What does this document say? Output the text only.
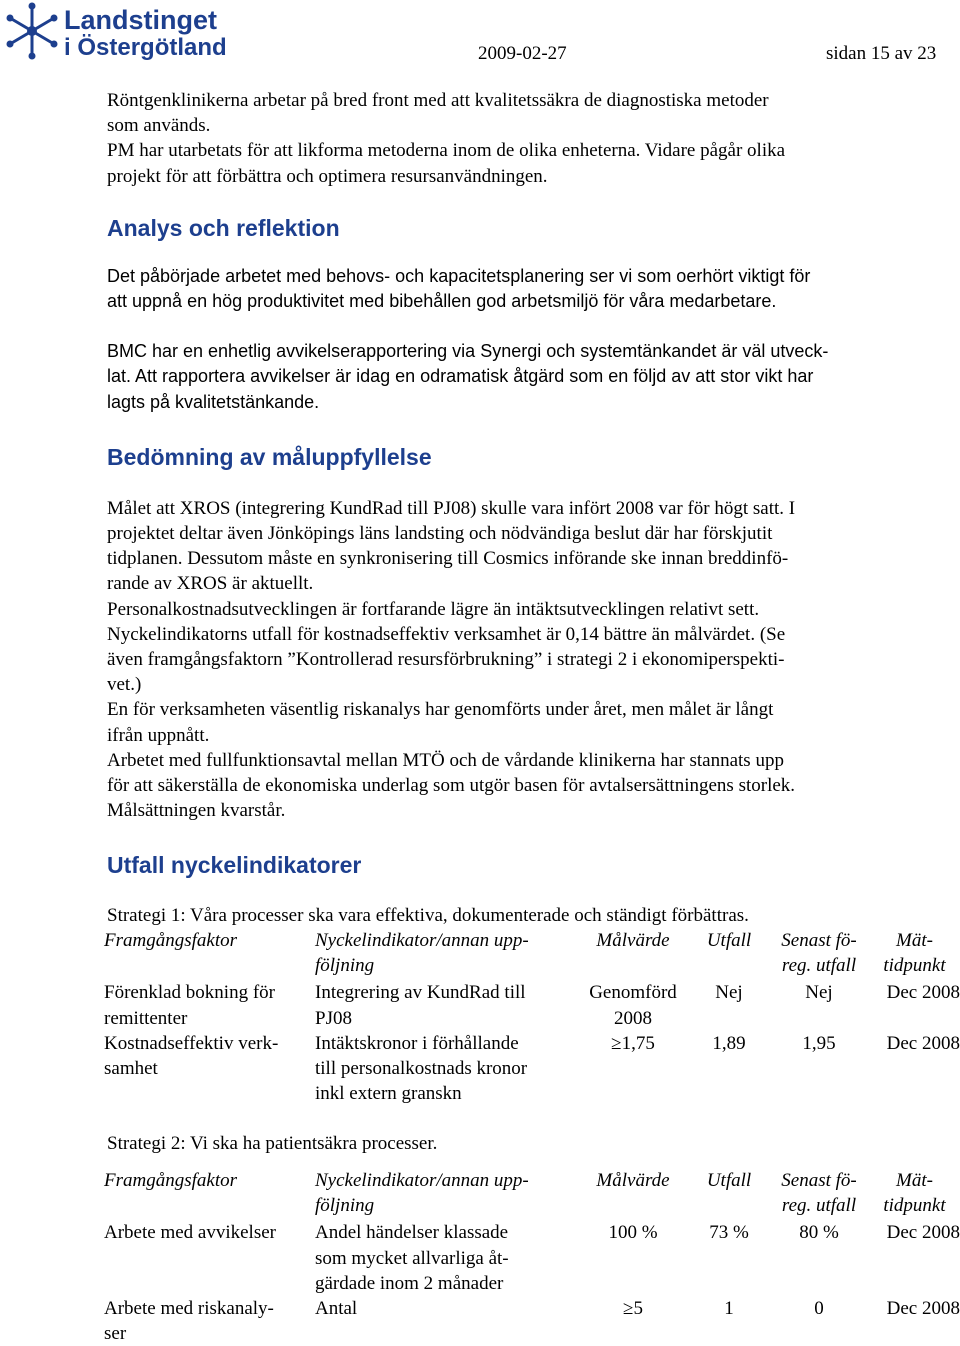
Landstinget
i Östergötland	2009-02-27	sidan 15 av 23

Röntgenklinikerna arbetar på bred front med att kvalitetssäkra de diagnostiska metoder
som används.

PM har utarbetats för att likforma metoderna inom de olika enheterna. Vidare pågår olika
projekt för att förbättra och optimera resursanvändningen.

Analys och reflektion

Det påbörjade arbetet med behovs- och kapacitetsplanering ser vi som oerhört viktigt för
att uppnå en hög produktivitet med bibehållen god arbetsmiljö för våra medarbetare.

BMC har en enhetlig avvikelserapportering via Synergi och systemtänkandet är väl utveck-
lat. Att rapportera avvikelser är idag en odramatisk åtgärd som en följd av att stor vikt har
lagts på kvalitetstänkande.

Bedömning av måluppfyllelse

Målet att XROS (integrering KundRad till PJ08) skulle vara infört 2008 var för högt satt. I
projektet deltar även Jönköpings läns landsting och nödvändiga beslut där har förskjutit
tidplanen. Dessutom måste en synkronisering till Cosmics införande ske innan breddinfö-
rande av XROS är aktuellt.
Personalkostnadsutvecklingen är fortfarande lägre än intäktsutvecklingen relativt sett.
Nyckelindikatorns utfall för kostnadseffektiv verksamhet är 0,14 bättre än målvärdet. (Se
även framgångsfaktorn ”Kontrollerad resursförbrukning” i strategi 2 i ekonomiperspekti-
vet.)
En för verksamheten väsentlig riskanalys har genomförts under året, men målet är långt
ifrån uppnått.
Arbetet med fullfunktionsavtal mellan MTÖ och de vårdande klinikerna har stannats upp
för att säkerställa de ekonomiska underlag som utgör basen för avtalsersättningens storlek.
Målsättningen kvarstår.

Utfall nyckelindikatorer

Strategi 1: Våra processer ska vara effektiva, dokumenterade och ständigt förbättras.

Framgångsfaktor	Nyckelindikator/annan upp-
följning	Målvärde	Utfall	Senast fö-
reg. utfall	Mät-
tidpunkt

Förenklad bokning för
remittenter	Integrering av KundRad till
PJ08	Genomförd
2008	Nej	Nej	Dec 2008
Kostnadseffektiv verk-
samhet	Intäktskronor i förhållande
till personalkostnads kronor
inkl extern granskn	≥1,75	1,89	1,95	Dec 2008

Strategi 2: Vi ska ha patientsäkra processer.

Framgångsfaktor	Nyckelindikator/annan upp-
följning	Målvärde	Utfall	Senast fö-
reg. utfall	Mät-
tidpunkt

Arbete med avvikelser	Andel händelser klassade
som mycket allvarliga åt-
gärdade inom 2 månader	100 %	73 %	80 %	Dec 2008
Arbete med riskanaly-
ser	Antal	≥5	1	0	Dec 2008
